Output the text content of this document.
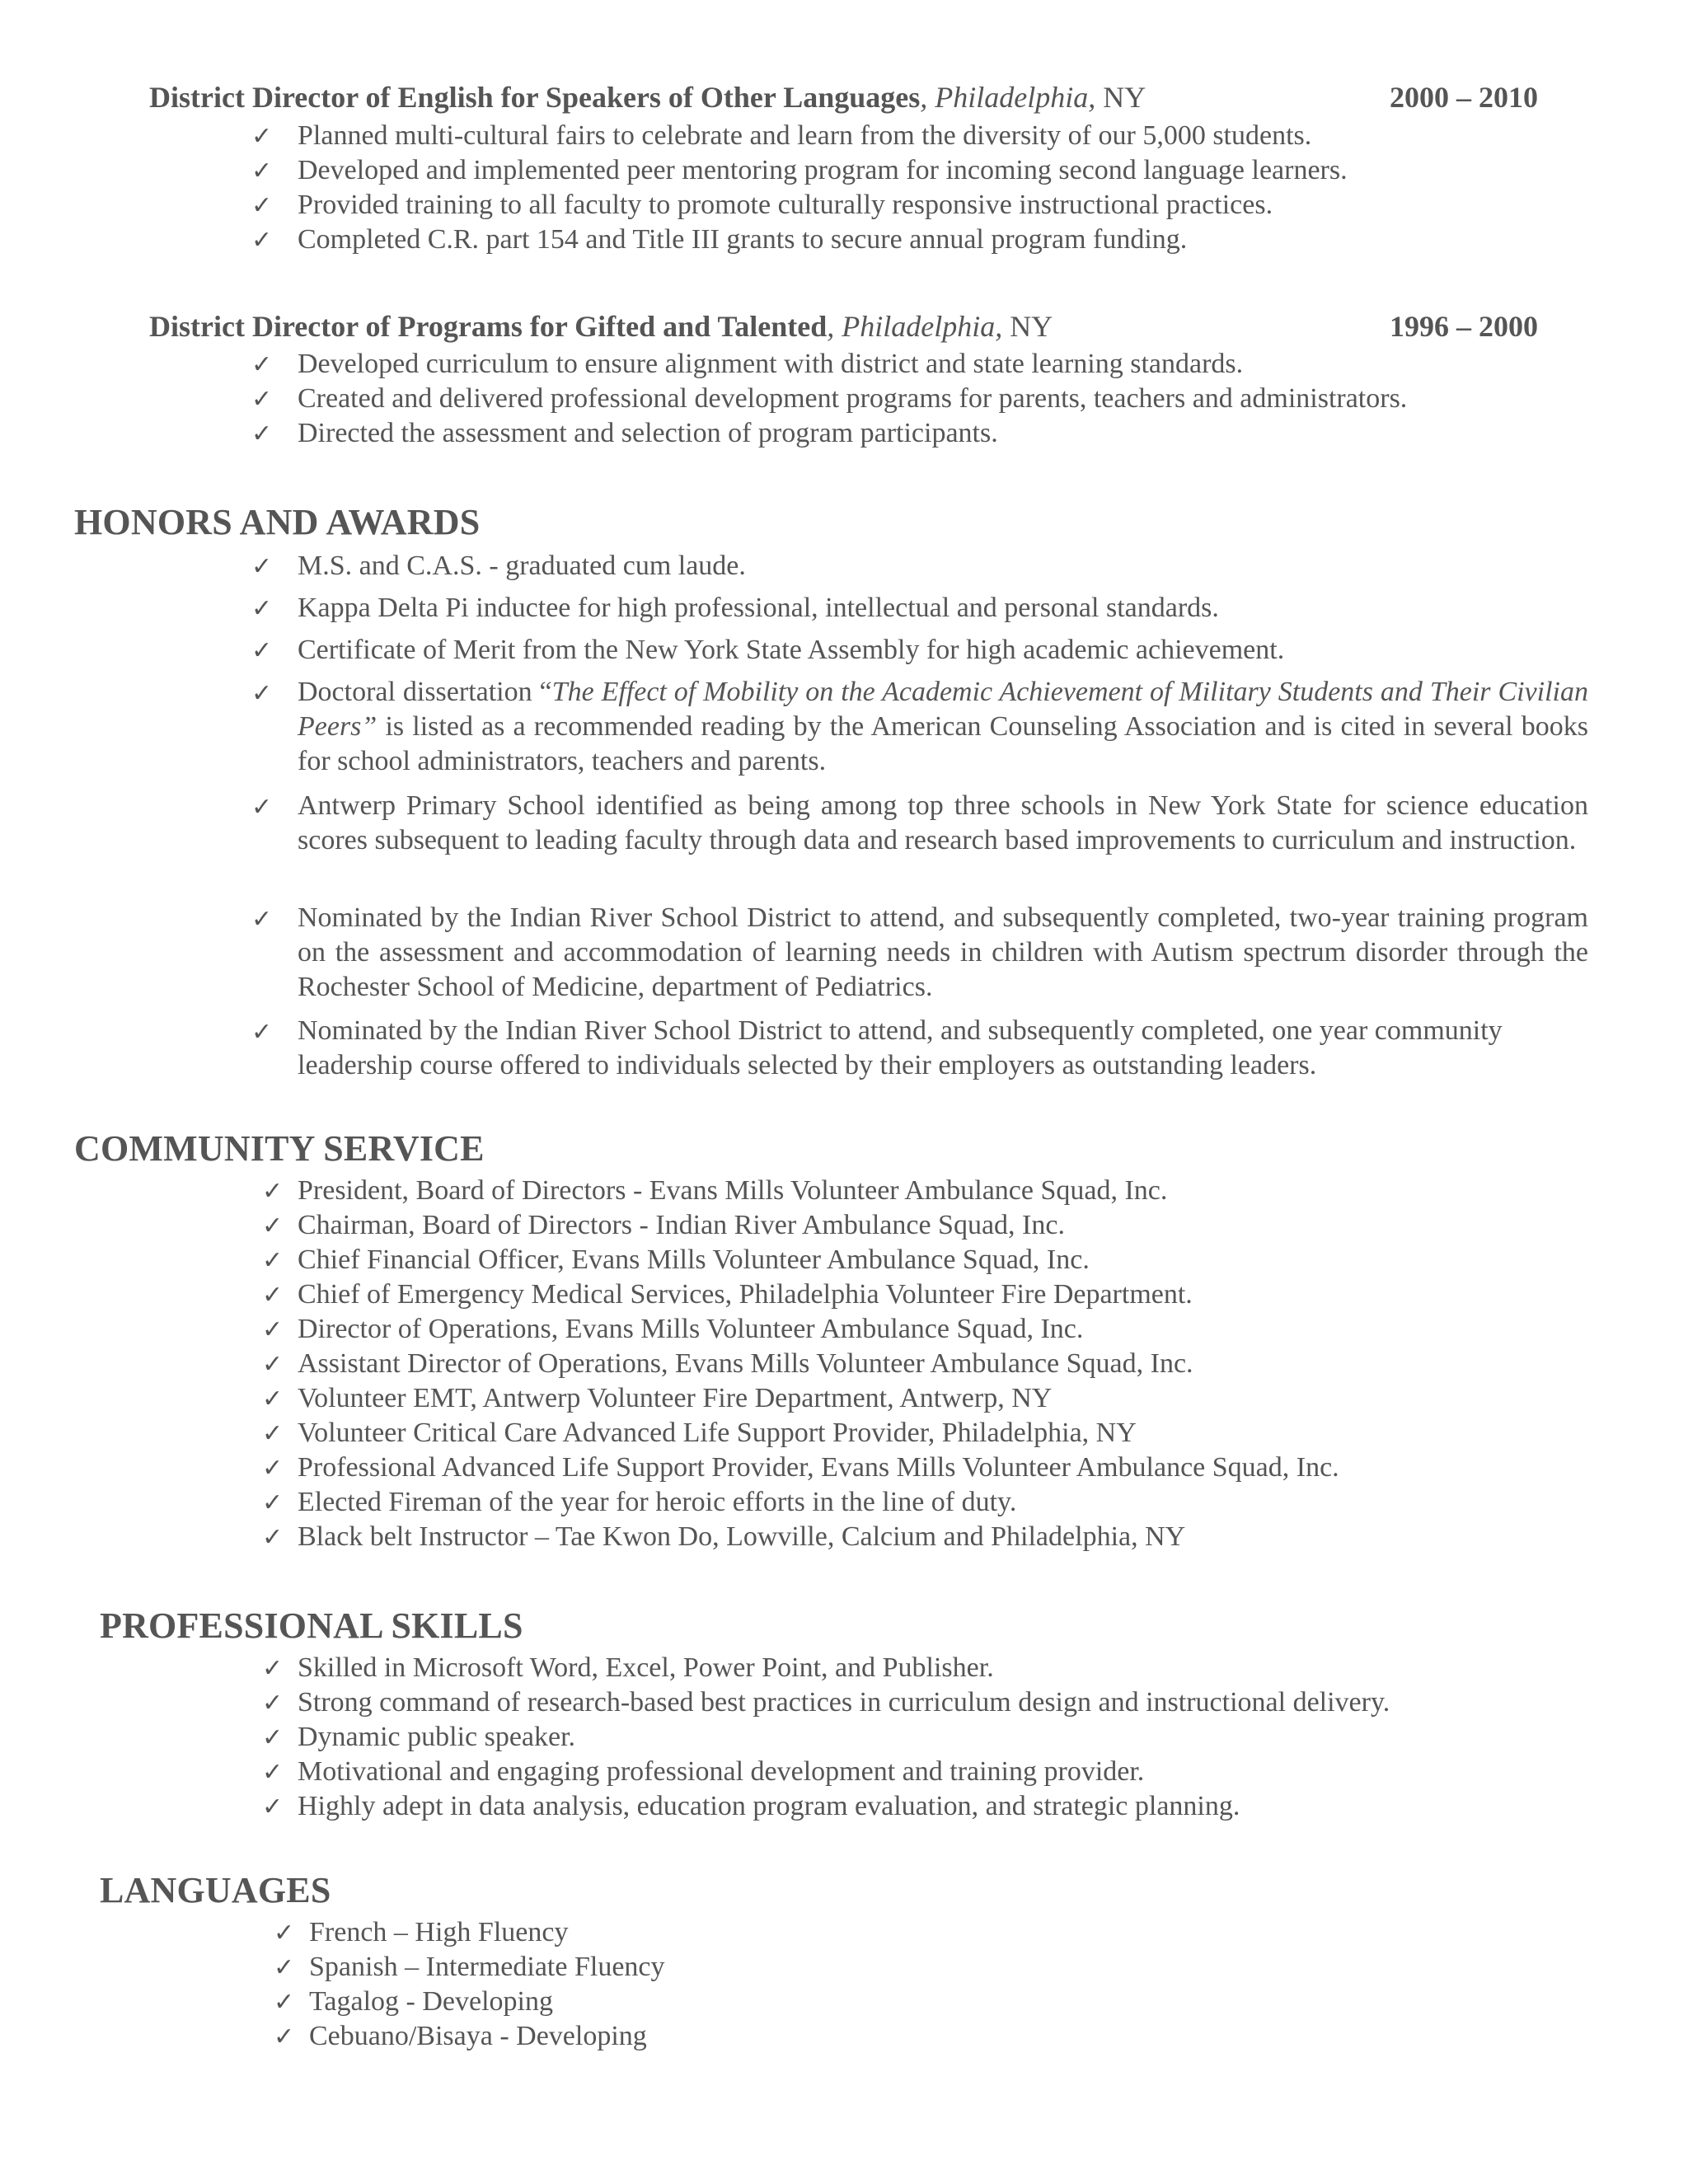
District Director of English for Speakers of Other Languages, Philadelphia, NY	2000 – 2010
✓ Planned multi-cultural fairs to celebrate and learn from the diversity of our 5,000 students.
✓ Developed and implemented peer mentoring program for incoming second language learners.
✓ Provided training to all faculty to promote culturally responsive instructional practices.
✓ Completed C.R. part 154 and Title III grants to secure annual program funding.
District Director of Programs for Gifted and Talented, Philadelphia, NY	1996 – 2000
✓ Developed curriculum to ensure alignment with district and state learning standards.
✓ Created and delivered professional development programs for parents, teachers and administrators.
✓ Directed the assessment and selection of program participants.
HONORS AND AWARDS
✓ M.S. and C.A.S. - graduated cum laude.
✓ Kappa Delta Pi inductee for high professional, intellectual and personal standards.
✓ Certificate of Merit from the New York State Assembly for high academic achievement.
✓ Doctoral dissertation “The Effect of Mobility on the Academic Achievement of Military Students and Their Civilian Peers” is listed as a recommended reading by the American Counseling Association and is cited in several books for school administrators, teachers and parents.
✓ Antwerp Primary School identified as being among top three schools in New York State for science education scores subsequent to leading faculty through data and research based improvements to curriculum and instruction.
✓ Nominated by the Indian River School District to attend, and subsequently completed, two-year training program on the assessment and accommodation of learning needs in children with Autism spectrum disorder through the Rochester School of Medicine, department of Pediatrics.
✓ Nominated by the Indian River School District to attend, and subsequently completed, one year community leadership course offered to individuals selected by their employers as outstanding leaders.
COMMUNITY SERVICE
✓ President, Board of Directors - Evans Mills Volunteer Ambulance Squad, Inc.
✓ Chairman, Board of Directors - Indian River Ambulance Squad, Inc.
✓ Chief Financial Officer, Evans Mills Volunteer Ambulance Squad, Inc.
✓ Chief of Emergency Medical Services, Philadelphia Volunteer Fire Department.
✓ Director of Operations, Evans Mills Volunteer Ambulance Squad, Inc.
✓ Assistant Director of Operations, Evans Mills Volunteer Ambulance Squad, Inc.
✓ Volunteer EMT, Antwerp Volunteer Fire Department, Antwerp, NY
✓ Volunteer Critical Care Advanced Life Support Provider, Philadelphia, NY
✓ Professional Advanced Life Support Provider, Evans Mills Volunteer Ambulance Squad, Inc.
✓ Elected Fireman of the year for heroic efforts in the line of duty.
✓ Black belt Instructor – Tae Kwon Do, Lowville, Calcium and Philadelphia, NY
PROFESSIONAL SKILLS
✓ Skilled in Microsoft Word, Excel, Power Point, and Publisher.
✓ Strong command of research-based best practices in curriculum design and instructional delivery.
✓ Dynamic public speaker.
✓ Motivational and engaging professional development and training provider.
✓ Highly adept in data analysis, education program evaluation, and strategic planning.
LANGUAGES
✓ French – High Fluency
✓ Spanish – Intermediate Fluency
✓ Tagalog - Developing
✓ Cebuano/Bisaya - Developing
